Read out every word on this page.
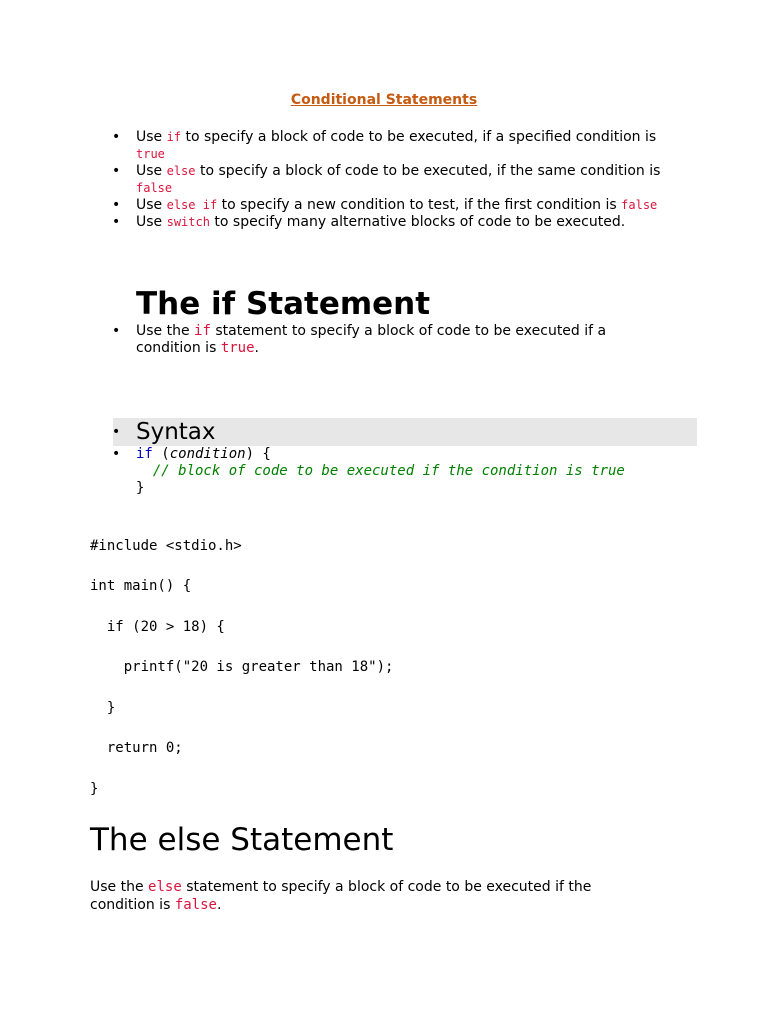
Conditional Statements
• Use if to specify a block of code to be executed, if a specified condition is true
• Use else to specify a block of code to be executed, if the same condition is false
• Use else if to specify a new condition to test, if the first condition is false
• Use switch to specify many alternative blocks of code to be executed.
The if Statement
• Use the if statement to specify a block of code to be executed if a condition is true.
• Syntax
• if (condition) {
// block of code to be executed if the condition is true
}
#include <stdio.h>
int main() {
if (20 > 18) {
printf("20 is greater than 18");
}
return 0;
}
The else Statement

Use the else statement to specify a block of code to be executed if the condition is false.
